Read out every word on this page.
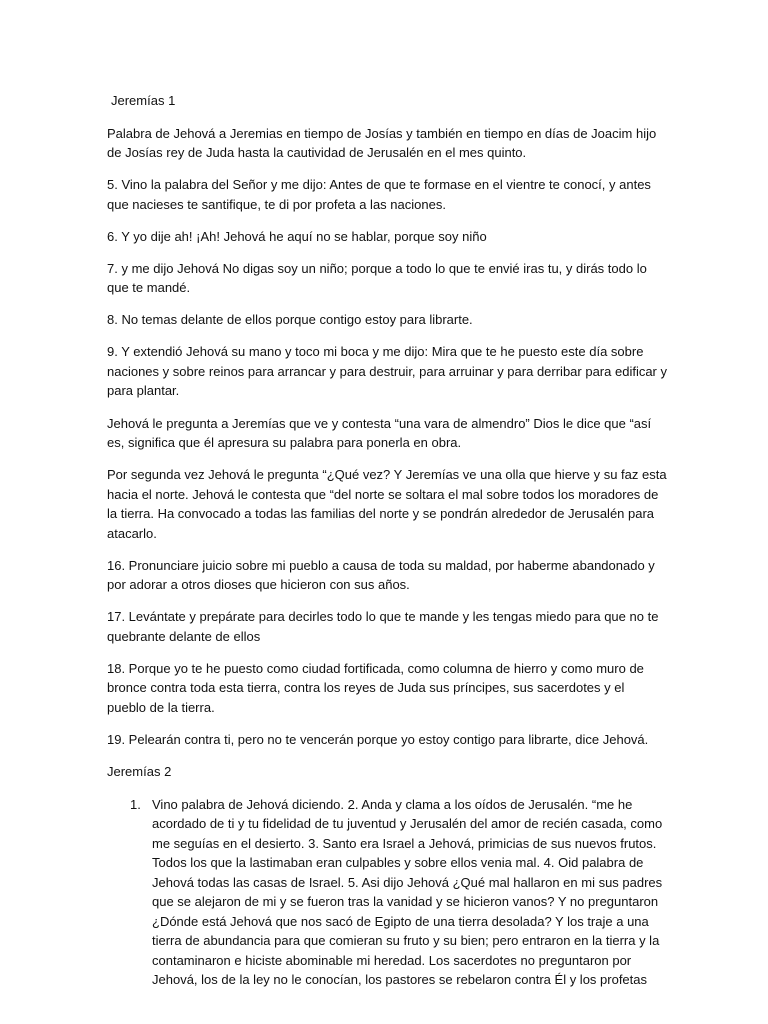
Jeremías 1

Palabra de Jehová a Jeremias en tiempo de Josías y también en tiempo en días de Joacim hijo de Josías rey de Juda hasta la cautividad de Jerusalén en el mes quinto.

5. Vino la palabra del Señor y me dijo: Antes de que te formase en el vientre te conocí, y antes que nacieses te santifique, te di por profeta a las naciones.

6. Y yo dije ah! ¡Ah! Jehová he aquí no se hablar, porque soy niño

7. y me dijo Jehová No digas soy un niño; porque a todo lo que te envié iras tu, y dirás todo lo que te mandé.

8. No temas delante de ellos porque contigo estoy para librarte.

9. Y extendió Jehová su mano y toco mi boca y me dijo: Mira que te he puesto este día sobre naciones y sobre reinos para arrancar y para destruir, para arruinar y para derribar para edificar y para plantar.

Jehová le pregunta a Jeremías que ve y contesta “una vara de almendro” Dios le dice que “así es, significa que él apresura su palabra para ponerla en obra.

Por segunda vez Jehová le pregunta “¿Qué vez? Y Jeremías ve una olla que hierve y su faz esta hacia el norte. Jehová le contesta que “del norte se soltara el mal sobre todos los moradores de la tierra. Ha convocado a todas las familias del norte y se pondrán alrededor de Jerusalén para atacarlo.

16. Pronunciare juicio sobre mi pueblo a causa de toda su maldad, por haberme abandonado y por adorar a otros dioses que hicieron con sus años.

17. Levántate y prepárate para decirles todo lo que te mande y les tengas miedo para que no te quebrante delante de ellos

18. Porque yo te he puesto como ciudad fortificada, como columna de hierro y como muro de bronce contra toda esta tierra, contra los reyes de Juda sus príncipes, sus sacerdotes y el pueblo de la tierra.

19. Pelearán contra ti, pero no te vencerán porque yo estoy contigo para librarte, dice Jehová.

Jeremías 2
1. Vino palabra de Jehová diciendo. 2. Anda y clama a los oídos de Jerusalén. “me he acordado de ti y tu fidelidad de tu juventud y Jerusalén del amor de recién casada, como me seguías en el desierto. 3. Santo era Israel a Jehová, primicias de sus nuevos frutos. Todos los que la lastimaban eran culpables y sobre ellos venia mal. 4. Oid palabra de Jehová todas las casas de Israel. 5. Asi dijo Jehová ¿Qué mal hallaron en mi sus padres que se alejaron de mi y se fueron tras la vanidad y se hicieron vanos? Y no preguntaron ¿Dónde está Jehová que nos sacó de Egipto de una tierra desolada? Y los traje a una tierra de abundancia para que comieran su fruto y su bien; pero entraron en la tierra y la contaminaron e hiciste abominable mi heredad. Los sacerdotes no preguntaron por Jehová, los de la ley no le conocían, los pastores se rebelaron contra Él y los profetas
